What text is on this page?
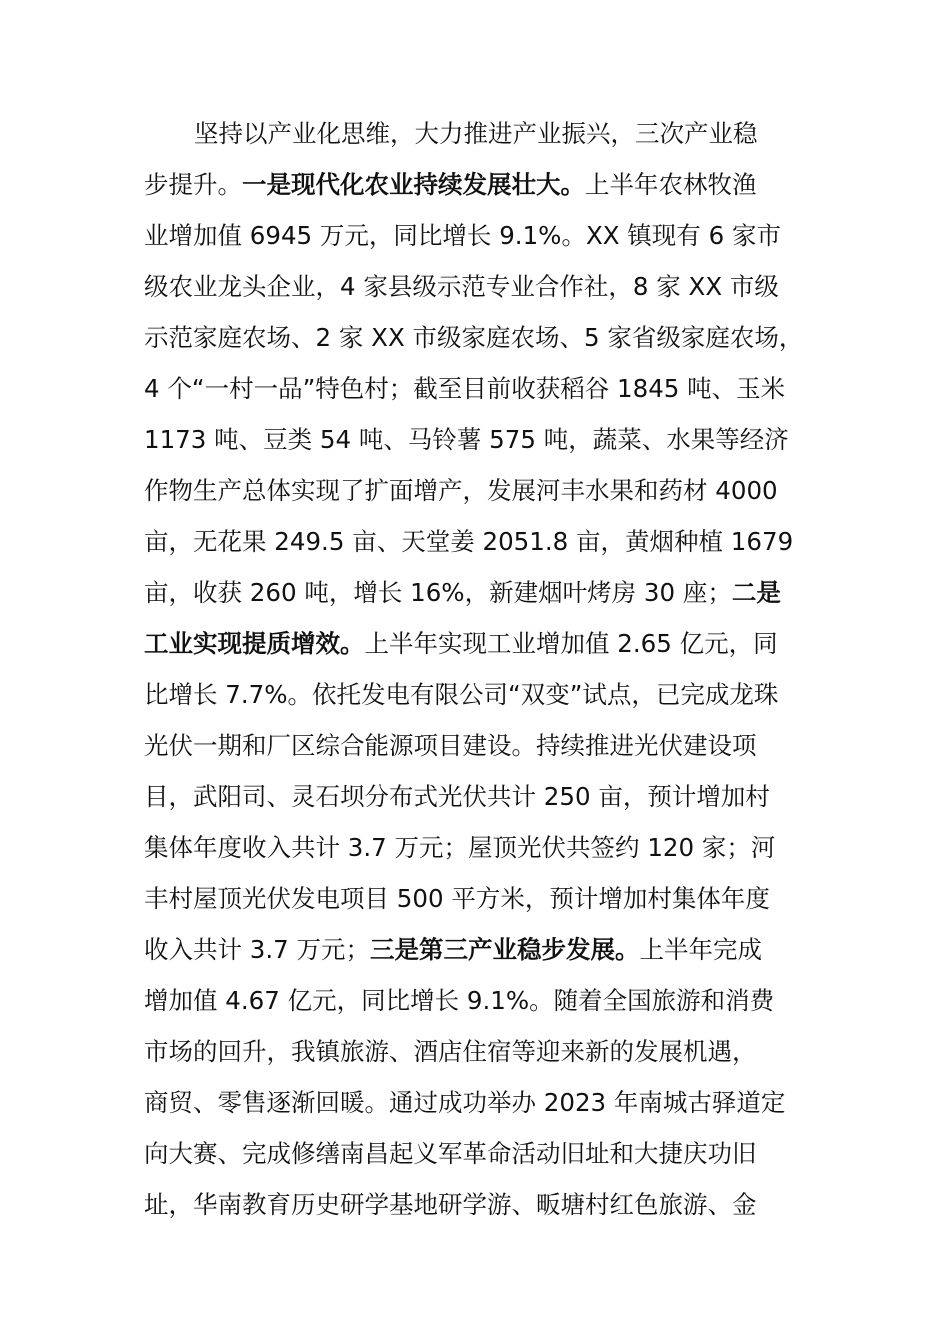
坚持以产业化思维，大力推进产业振兴，三次产业稳
步提升。一是现代化农业持续发展壮大。上半年农林牧渔
业增加值 6945 万元，同比增长 9.1%。XX 镇现有 6 家市
级农业龙头企业，4 家县级示范专业合作社，8 家 XX 市级
示范家庭农场、2 家 XX 市级家庭农场、5 家省级家庭农场，
4 个“一村一品”特色村；截至目前收获稻谷 1845 吨、玉米
1173 吨、豆类 54 吨、马铃薯 575 吨，蔬菜、水果等经济
作物生产总体实现了扩面增产，发展河丰水果和药材 4000
亩，无花果 249.5 亩、天堂姜 2051.8 亩，黄烟种植 1679
亩，收获 260 吨，增长 16%，新建烟叶烤房 30 座；二是
工业实现提质增效。上半年实现工业增加值 2.65 亿元，同
比增长 7.7%。依托发电有限公司“双变”试点，已完成龙珠
光伏一期和厂区综合能源项目建设。持续推进光伏建设项
目，武阳司、灵石坝分布式光伏共计 250 亩，预计增加村
集体年度收入共计 3.7 万元；屋顶光伏共签约 120 家；河
丰村屋顶光伏发电项目 500 平方米，预计增加村集体年度
收入共计 3.7 万元；三是第三产业稳步发展。上半年完成
增加值 4.67 亿元，同比增长 9.1%。随着全国旅游和消费
市场的回升，我镇旅游、酒店住宿等迎来新的发展机遇，
商贸、零售逐渐回暖。通过成功举办 2023 年南城古驿道定
向大赛、完成修缮南昌起义军革命活动旧址和大捷庆功旧
址，华南教育历史研学基地研学游、畈塘村红色旅游、金
